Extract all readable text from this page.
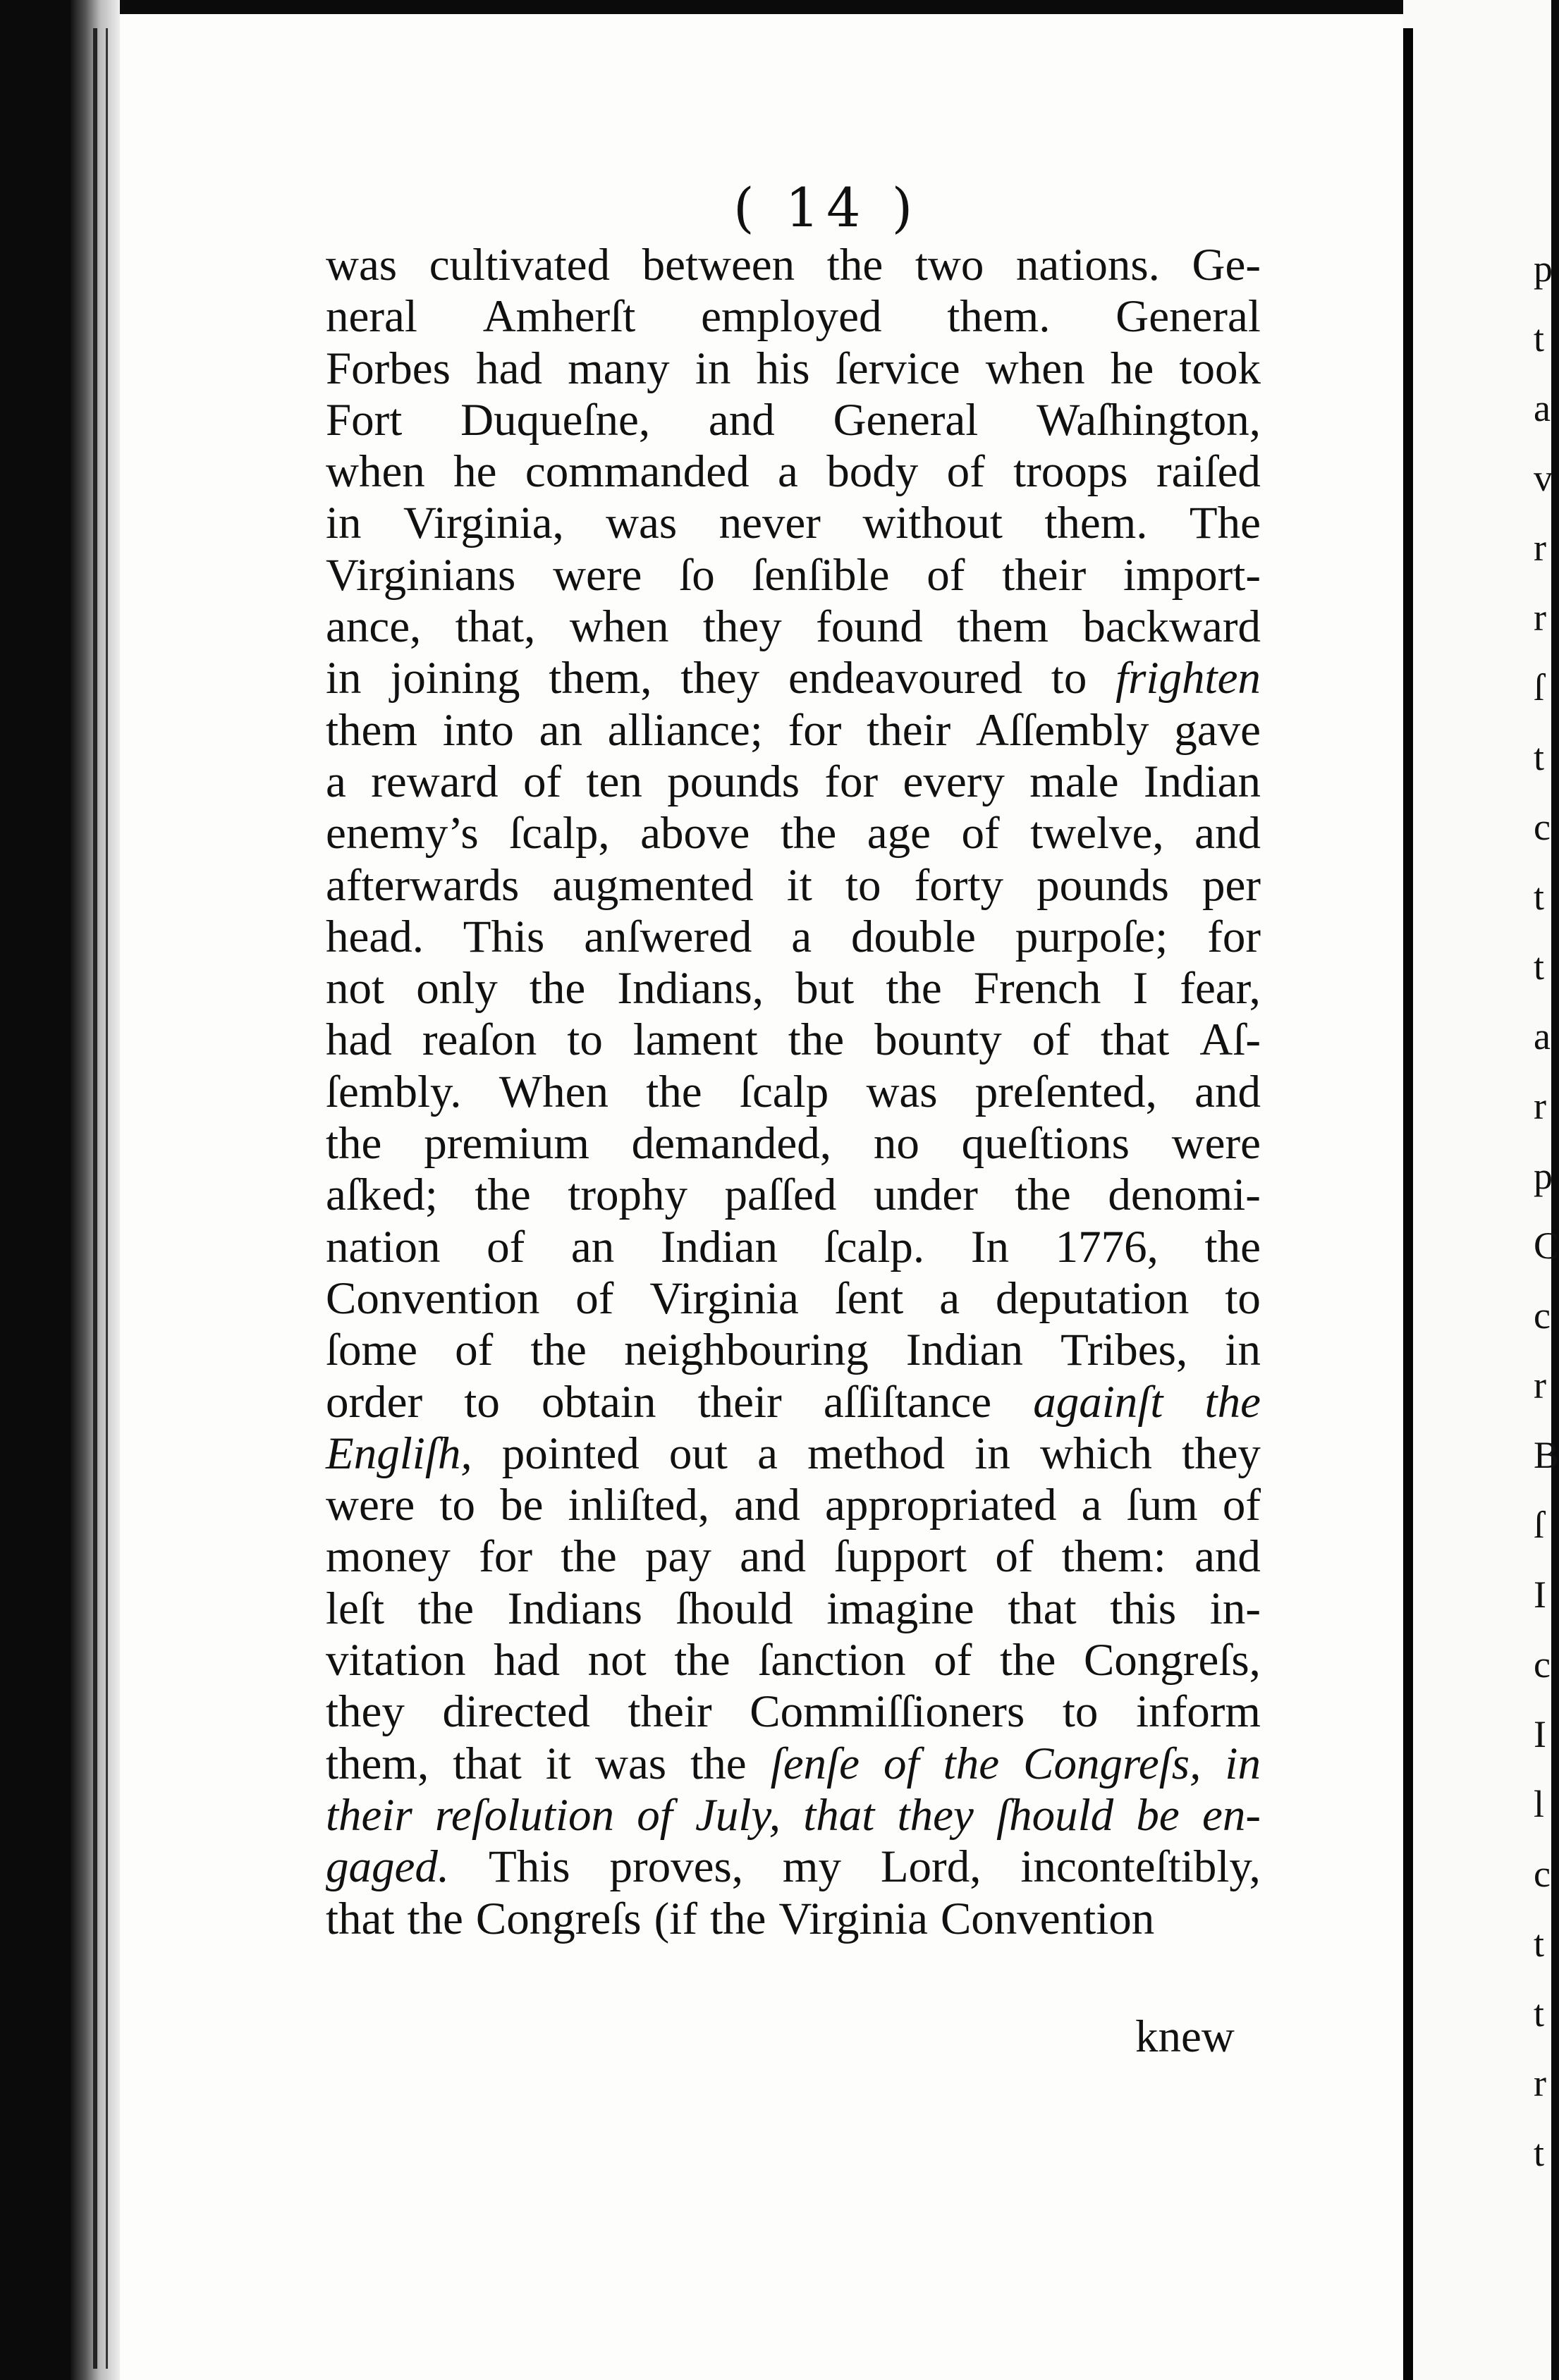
( 14 )
was cultivated between the two nations. Ge-
neral Amherſt employed them. General
Forbes had many in his ſervice when he took
Fort Duqueſne, and General Waſhington,
when he commanded a body of troops raiſed
in Virginia, was never without them. The
Virginians were ſo ſenſible of their import-
ance, that, when they found them backward
in joining them, they endeavoured to frighten
them into an alliance; for their Aſſembly gave
a reward of ten pounds for every male Indian
enemy’s ſcalp, above the age of twelve, and
afterwards augmented it to forty pounds per
head. This anſwered a double purpoſe; for
not only the Indians, but the French I fear,
had reaſon to lament the bounty of that Aſ-
ſembly. When the ſcalp was preſented, and
the premium demanded, no queſtions were
aſked; the trophy paſſed under the denomi-
nation of an Indian ſcalp. In 1776, the
Convention of Virginia ſent a deputation to
ſome of the neighbouring Indian Tribes, in
order to obtain their aſſiſtance againſt the
Engliſh, pointed out a method in which they
were to be inliſted, and appropriated a ſum of
money for the pay and ſupport of them: and
leſt the Indians ſhould imagine that this in-
vitation had not the ſanction of the Congreſs,
they directed their Commiſſioners to inform
them, that it was the ſenſe of the Congreſs, in
their reſolution of July, that they ſhould be en-
gaged. This proves, my Lord, inconteſtibly,
that the Congreſs (if the Virginia Convention
knew
p
t
a
v
r
r
ſ
t
c
t
t
a
r
p
C
c
r
B
ſ
I
c
I
l
c
t
t
r
t
